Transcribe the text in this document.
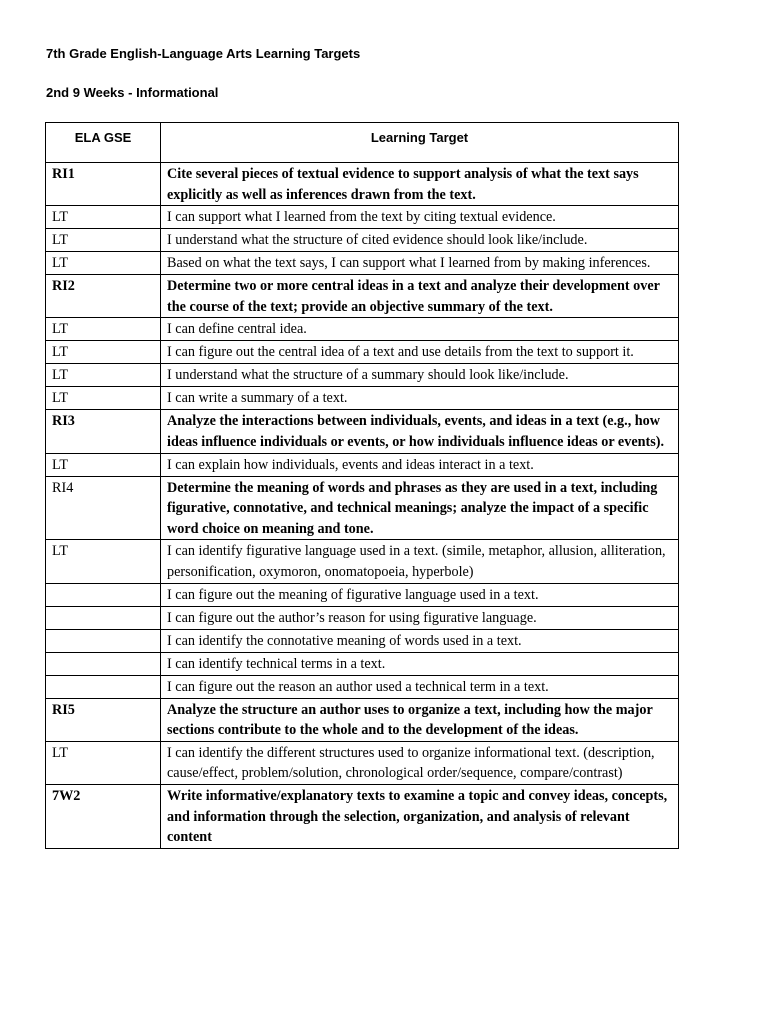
7th Grade English-Language Arts Learning Targets

2nd 9 Weeks - Informational

ELA GSE	Learning Target
RI1	Cite several pieces of textual evidence to support analysis of what the text says explicitly as well as inferences drawn from the text.
LT	I can support what I learned from the text by citing textual evidence.
LT	I understand what the structure of cited evidence should look like/include.
LT	Based on what the text says, I can support what I learned from by making inferences.
RI2	Determine two or more central ideas in a text and analyze their development over the course of the text; provide an objective summary of the text.
LT	I can define central idea.
LT	I can figure out the central idea of a text and use details from the text to support it.
LT	I understand what the structure of a summary should look like/include.
LT	I can write a summary of a text.
RI3	Analyze the interactions between individuals, events, and ideas in a text (e.g., how ideas influence individuals or events, or how individuals influence ideas or events).
LT	I can explain how individuals, events and ideas interact in a text.
RI4	Determine the meaning of words and phrases as they are used in a text, including figurative, connotative, and technical meanings; analyze the impact of a specific word choice on meaning and tone.
LT	I can identify figurative language used in a text. (simile, metaphor, allusion, alliteration, personification, oxymoron, onomatopoeia, hyperbole)
	I can figure out the meaning of figurative language used in a text.
	I can figure out the author’s reason for using figurative language.
	I can identify the connotative meaning of words used in a text.
	I can identify technical terms in a text.
	I can figure out the reason an author used a technical term in a text.
RI5	Analyze the structure an author uses to organize a text, including how the major sections contribute to the whole and to the development of the ideas.
LT	I can identify the different structures used to organize informational text. (description, cause/effect, problem/solution, chronological order/sequence, compare/contrast)
7W2	Write informative/explanatory texts to examine a topic and convey ideas, concepts, and information through the selection, organization, and analysis of relevant content
